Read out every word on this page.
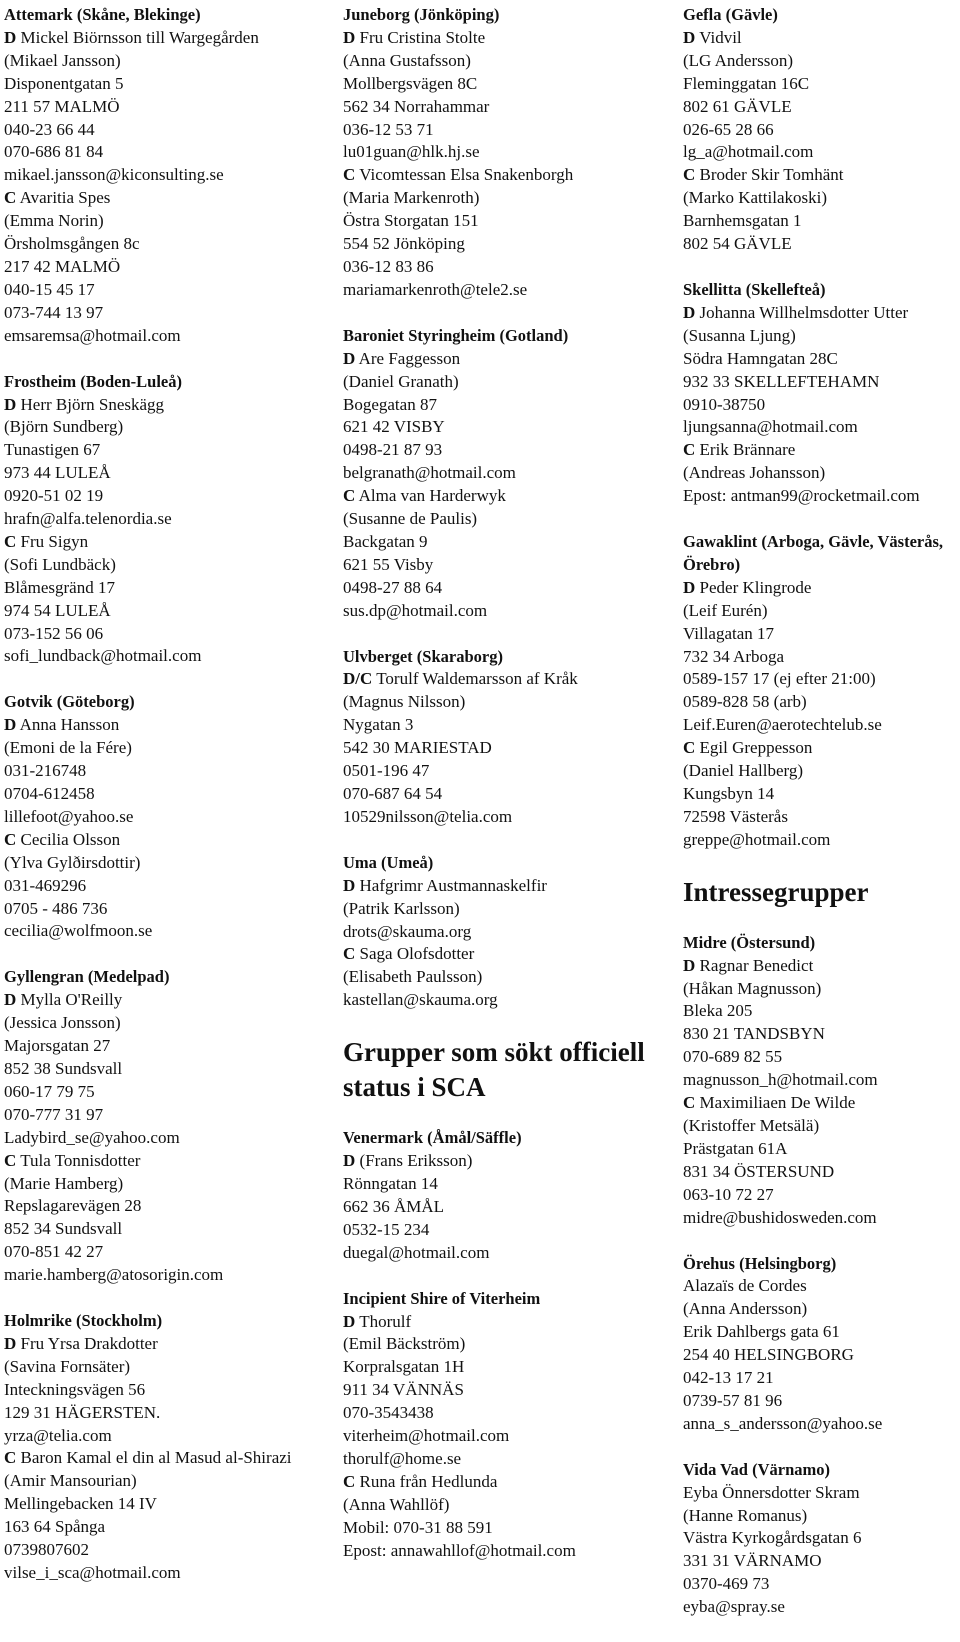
Attemark (Skåne, Blekinge)
D Mickel Biörnsson till Wargegården
(Mikael Jansson)
Disponentgatan 5
211 57 MALMÖ
040-23 66 44
070-686 81 84
mikael.jansson@kiconsulting.se
C Avaritia Spes
(Emma Norin)
Örsholmsgången 8c
217 42 MALMÖ
040-15 45 17
073-744 13 97
emsaremsa@hotmail.com
Frostheim (Boden-Luleå)
D Herr Björn Sneskägg
(Björn Sundberg)
Tunastigen 67
973 44 LULEÅ
0920-51 02 19
hrafn@alfa.telenordia.se
C Fru Sigyn
(Sofi Lundbäck)
Blåmesgränd 17
974 54 LULEÅ
073-152 56 06
sofi_lundback@hotmail.com
Gotvik (Göteborg)
D Anna Hansson
(Emoni de la Fére)
031-216748
0704-612458
lillefoot@yahoo.se
C Cecilia Olsson
(Ylva Gylðirsdottir)
031-469296
0705 - 486 736
cecilia@wolfmoon.se
Gyllengran (Medelpad)
D Mylla O'Reilly
(Jessica Jonsson)
Majorsgatan 27
852 38 Sundsvall
060-17 79 75
070-777 31 97
Ladybird_se@yahoo.com
C Tula Tonnisdotter
(Marie Hamberg)
Repslagarevägen 28
852 34 Sundsvall
070-851 42 27
marie.hamberg@atosorigin.com
Holmrike (Stockholm)
D Fru Yrsa Drakdotter
(Savina Fornsäter)
Inteckningsvägen 56
129 31 HÄGERSTEN.
yrza@telia.com
C Baron Kamal el din al Masud al-Shirazi
(Amir Mansourian)
Mellingebacken 14 IV
163 64 Spånga
0739807602
vilse_i_sca@hotmail.com
Juneborg (Jönköping)
D Fru Cristina Stolte
(Anna Gustafsson)
Mollbergsvägen 8C
562 34 Norrahammar
036-12 53 71
lu01guan@hlk.hj.se
C Vicomtessan Elsa Snakenborgh
(Maria Markenroth)
Östra Storgatan 151
554 52 Jönköping
036-12 83 86
mariamarkenroth@tele2.se
Baroniet Styringheim (Gotland)
D Are Faggesson
(Daniel Granath)
Bogegatan 87
621 42 VISBY
0498-21 87 93
belgranath@hotmail.com
C Alma van Harderwyk
(Susanne de Paulis)
Backgatan 9
621 55 Visby
0498-27 88 64
sus.dp@hotmail.com
Ulvberget (Skaraborg)
D/C Torulf Waldemarsson af Kråk
(Magnus Nilsson)
Nygatan 3
542 30 MARIESTAD
0501-196 47
070-687 64 54
10529nilsson@telia.com
Uma (Umeå)
D Hafgrimr Austmannaskelfir
(Patrik Karlsson)
drots@skauma.org
C Saga Olofsdotter
(Elisabeth Paulsson)
kastellan@skauma.org
Grupper som sökt officiell status i SCA
Venermark (Åmål/Säffle)
D (Frans Eriksson)
Rönngatan 14
662 36 ÅMÅL
0532-15 234
duegal@hotmail.com
Incipient Shire of Viterheim
D Thorulf
(Emil Bäckström)
Korpralsgatan 1H
911 34 VÄNNÄS
070-3543438
viterheim@hotmail.com
thorulf@home.se
C Runa från Hedlunda
(Anna Wahllöf)
Mobil: 070-31 88 591
Epost: annawahllof@hotmail.com
Gefla (Gävle)
D Vidvil
(LG Andersson)
Fleminggatan 16C
802 61 GÄVLE
026-65 28 66
lg_a@hotmail.com
C Broder Skir Tomhänt
(Marko Kattilakoski)
Barnhemsgatan 1
802 54 GÄVLE
Skellitta (Skellefteå)
D Johanna Willhelmsdotter Utter
(Susanna Ljung)
Södra Hamngatan 28C
932 33 SKELLEFTEHAMN
0910-38750
ljungsanna@hotmail.com
C Erik Brännare
(Andreas Johansson)
Epost: antman99@rocketmail.com
Gawaklint (Arboga, Gävle, Västerås, Örebro)
D Peder Klingrode
(Leif Eurén)
Villagatan 17
732 34 Arboga
0589-157 17 (ej efter 21:00)
0589-828 58 (arb)
Leif.Euren@aerotechtelub.se
C Egil Greppesson
(Daniel Hallberg)
Kungsbyn 14
72598 Västerås
greppe@hotmail.com
Intressegrupper
Midre (Östersund)
D Ragnar Benedict
(Håkan Magnusson)
Bleka 205
830 21 TANDSBYN
070-689 82 55
magnusson_h@hotmail.com
C Maximiliaen De Wilde
(Kristoffer Metsälä)
Prästgatan 61A
831 34 ÖSTERSUND
063-10 72 27
midre@bushidosweden.com
Örehus (Helsingborg)
Alazaïs de Cordes
(Anna Andersson)
Erik Dahlbergs gata 61
254 40 HELSINGBORG
042-13 17 21
0739-57 81 96
anna_s_andersson@yahoo.se
Vida Vad (Värnamo)
Eyba Önnersdotter Skram
(Hanne Romanus)
Västra Kyrkogårdsgatan 6
331 31 VÄRNAMO
0370-469 73
eyba@spray.se
